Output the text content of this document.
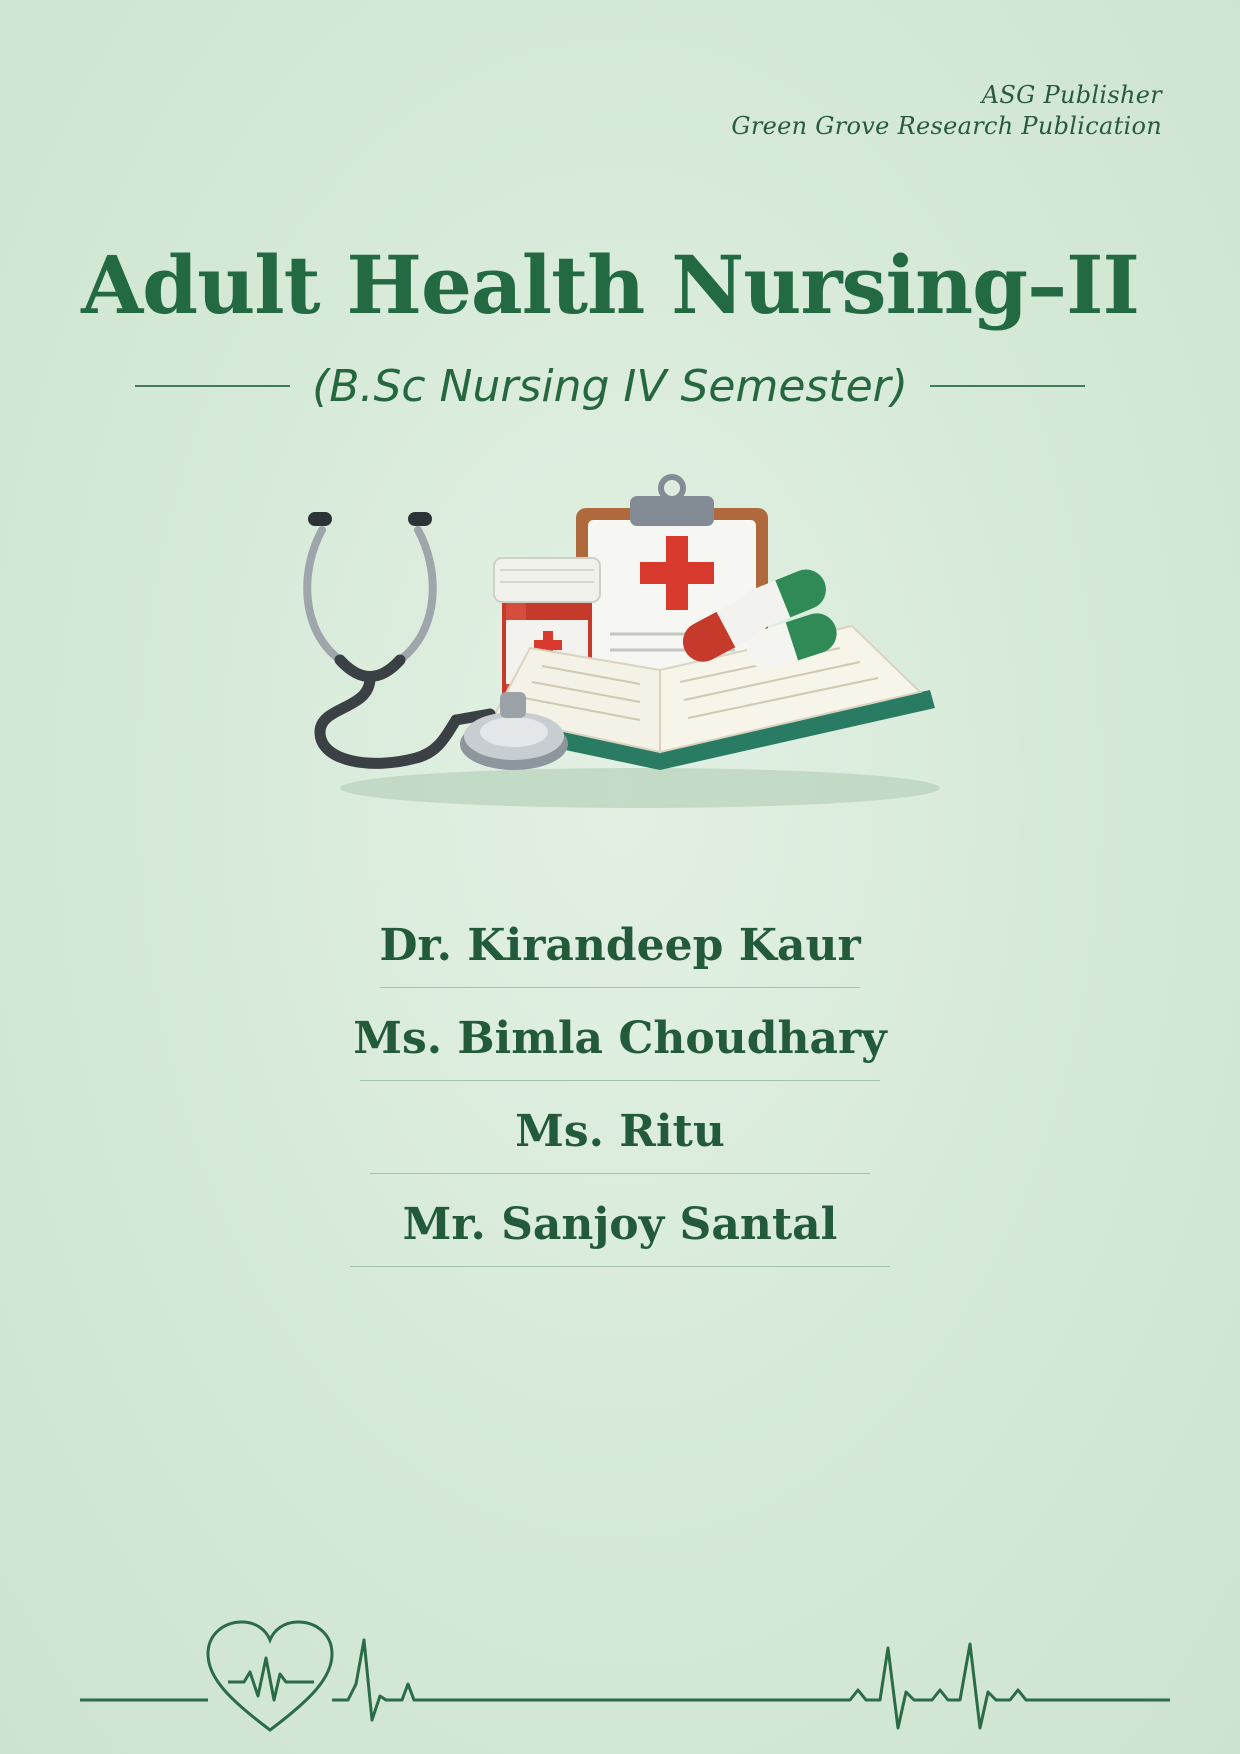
ASG Publisher
Green Grove Research Publication
Adult Health Nursing–II
(B.Sc Nursing IV Semester)
Dr. Kirandeep Kaur
Ms. Bimla Choudhary
Ms. Ritu
Mr. Sanjoy Santal
